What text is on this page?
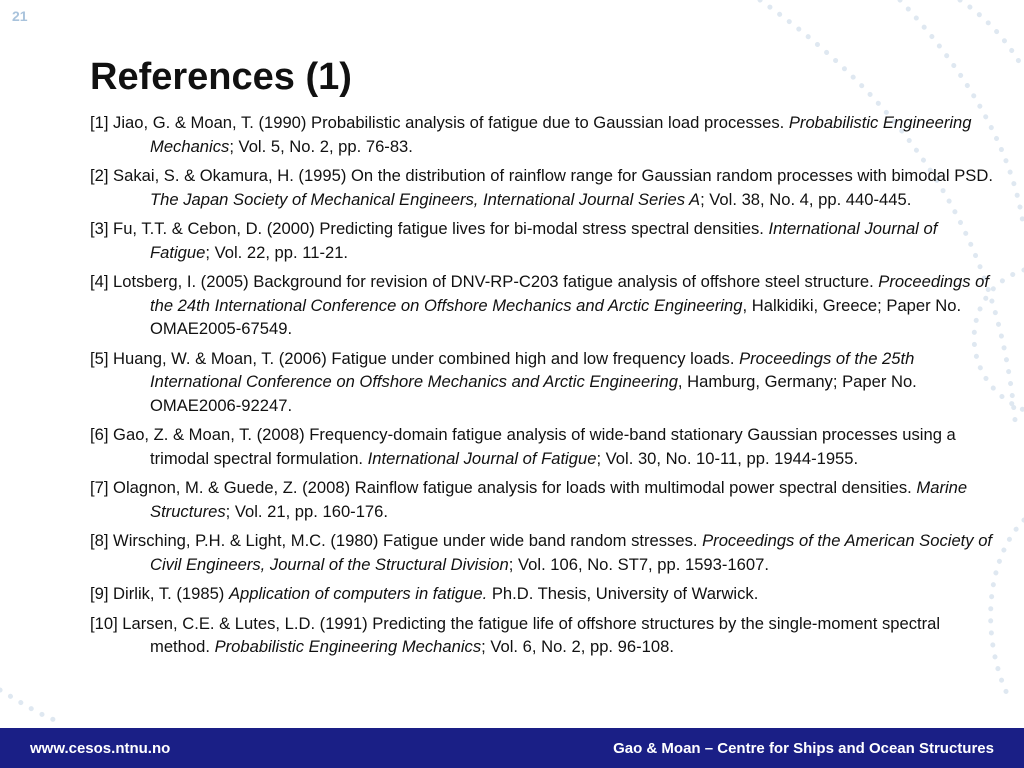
21
References (1)
[1] Jiao, G. & Moan, T. (1990) Probabilistic analysis of fatigue due to Gaussian load processes. Probabilistic Engineering Mechanics; Vol. 5, No. 2, pp. 76-83.
[2] Sakai, S. & Okamura, H. (1995) On the distribution of rainflow range for Gaussian random processes with bimodal PSD. The Japan Society of Mechanical Engineers, International Journal Series A; Vol. 38, No. 4, pp. 440-445.
[3] Fu, T.T. & Cebon, D. (2000) Predicting fatigue lives for bi-modal stress spectral densities. International Journal of Fatigue; Vol. 22, pp. 11-21.
[4] Lotsberg, I. (2005) Background for revision of DNV-RP-C203 fatigue analysis of offshore steel structure. Proceedings of the 24th International Conference on Offshore Mechanics and Arctic Engineering, Halkidiki, Greece; Paper No. OMAE2005-67549.
[5] Huang, W. & Moan, T. (2006) Fatigue under combined high and low frequency loads. Proceedings of the 25th International Conference on Offshore Mechanics and Arctic Engineering, Hamburg, Germany; Paper No. OMAE2006-92247.
[6] Gao, Z. & Moan, T. (2008) Frequency-domain fatigue analysis of wide-band stationary Gaussian processes using a trimodal spectral formulation. International Journal of Fatigue; Vol. 30, No. 10-11, pp. 1944-1955.
[7] Olagnon, M. & Guede, Z. (2008) Rainflow fatigue analysis for loads with multimodal power spectral densities. Marine Structures; Vol. 21, pp. 160-176.
[8] Wirsching, P.H. & Light, M.C. (1980) Fatigue under wide band random stresses. Proceedings of the American Society of Civil Engineers, Journal of the Structural Division; Vol. 106, No. ST7, pp. 1593-1607.
[9] Dirlik, T. (1985) Application of computers in fatigue. Ph.D. Thesis, University of Warwick.
[10] Larsen, C.E. & Lutes, L.D. (1991) Predicting the fatigue life of offshore structures by the single-moment spectral method. Probabilistic Engineering Mechanics; Vol. 6, No. 2, pp. 96-108.
www.cesos.ntnu.no	Gao & Moan – Centre for Ships and Ocean Structures
